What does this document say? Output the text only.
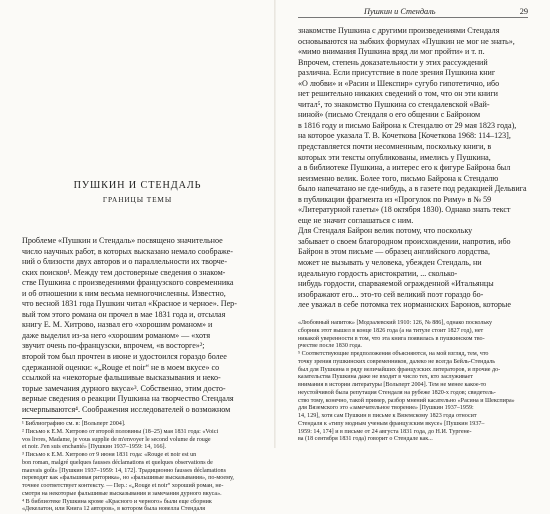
ПУШКИН И СТЕНДАЛЬ
ГРАНИЦЫ ТЕМЫ
Проблеме «Пушкин и Стендаль» посвящено значительное
число научных работ, в которых высказано немало соображе-
ний о близости двух авторов и о параллельности их творче-
ских поисков¹. Между тем достоверные сведения о знаком-
стве Пушкина с произведениями французского современника
и об отношении к ним весьма немногочисленны. Известно,
что весной 1831 года Пушкин читал «Красное и черное». Пер-
вый том этого романа он прочел в мае 1831 года и, отсылая
книгу Е. М. Хитрово, назвал его «хорошим романом» и
даже выделил из-за него «хорошим романом» — «хотя
звучит очень по-французски, впрочем, «в восторге»²;
второй том был прочтен в июне и удостоился гораздо более
сдержанной оценки: «„Rouge et noir“ не в моем вкусе» со
ссылкой на «некоторые фальшивые высказывания и неко-
торые замечания дурного вкуса»³. Собственно, этим досто-
верные сведения о реакции Пушкина на творчество Стендаля
исчерпываются⁴. Соображения исследователей о возможном
¹ Библиографию см. в: [Вольперт 2004].
² Письмо к Е.М. Хитрово от второй половины (18–25) мая 1831 года: «Voici
vos livres, Madame, je vous supplie de m'envoyer le second volume de rouge
et noir. J'en suis enchanté» [Пушкин 1937–1959: 14, 166].
³ Письмо к Е.М. Хитрово от 9 июня 1831 года: «Rouge et noir est un
bon roman, malgré quelques fausses déclamations et quelques observations de
mauvais goût» [Пушкин 1937–1959: 14, 172]. Традиционно fausses déclamations
переводят как «фальшивая риторика», но «фальшивые высказывания», по-моему,
точнее соответствует контексту. — Пер.: «„Rouge et noir“ хороший роман, не-
смотря на некоторые фальшивые высказывания и замечания дурного вкуса».
⁴ В библиотеке Пушкина кроме «Красного и черного» были еще сборник
«Декелатон, или Книга 12 авторов», в котором была новелла Стендаля
Пушкин и Стендаль	29
знакомстве Пушкина с другими произведениями Стендаля
основываются на зыбких формулах «Пушкин не мог не знать»,
«мимо внимания Пушкина вряд ли мог пройти» и т. п.
Впрочем, степень доказательности у этих рассуждений
различна. Если присутствие в поле зрения Пушкина книг
«О любви» и «Расин и Шекспир» сугубо гипотетично, ибо
нет решительно никаких сведений о том, что он эти книги
читал⁵, то знакомство Пушкина со стендалевской «Вай-
ниной» (письмо Стендаля о его общении с Байроном
в 1816 году и письмо Байрона к Стендалю от 29 мая 1823 года),
на которое указала Т. В. Кочеткова [Кочеткова 1968: 114–123],
представляется почти несомненным, поскольку книги, в
которых эти тексты опубликованы, имелись у Пушкина,
а в библиотеке Пушкина, а интерес его к фигуре Байрона был
неизменно велик. Более того, письмо Байрона к Стендалю
было напечатано не где-нибудь, а в газете под редакцией Дельвига
в публикации фрагмента из «Прогулок по Риму» в № 59
«Литературной газеты» (18 октября 1830). Однако знать текст
еще не значит соглашаться с ним.
Для Стендаля Байрон велик потому, что поскольку
забывает о своем благородном происхождении, напротив, ибо
Байрон в этом письме — образец английского лордства,
может не вызывать у человека, убежден Стендаль, ни
идеальную гордость аристократии, ... сколько-
нибудь гордости, спарваяемой огражденной «Итальянцы
изображают его... это-то сей великий поэт гораздо бо-
лее уважал в себе потомка тех норманнских Баронов, которые
«Любовный напиток» [Модзалевский 1910: 126, № 886], однако поскольку
сборник этот вышел в конце 1826 года (а на титуле стоит 1827 год), нет
никакой уверенности в том, что эта книга появилась в пушкинском тво-
рчестве после 1830 года.
⁵ Соответствующие предположения объясняются, на мой взгляд, тем, что
точку зрения пушкинских современников, далеко не всегда Бейль-Стендаль
был для Пушкина в ряду величайших французских литераторов, и прочие до-
казательства Пушкина даже не входят в число тех, кто заслуживает
внимания в истории литературы [Вольперт 2004]. Тем не менее какое-то
неустойчивой была репутация Стендаля на рубеже 1820-х годов; свидетель-
ство тому, конечно, такой пример, разбор мнений касательно «Расина и Шекспира»
для Вяземского это «замечательное творение» [Пушкин 1937–1959:
14, 129], хотя сам Пушкин в письме к Вяземскому 1823 года относит
Стендаля к «типу модным ученым французским вкусе» [Пушкин 1937–
1959: 14, 174] и в письме от 24 августа 1831 года, до Н.И. Тургене-
ва (18 сентября 1831 года) говорит о Стендале как...
